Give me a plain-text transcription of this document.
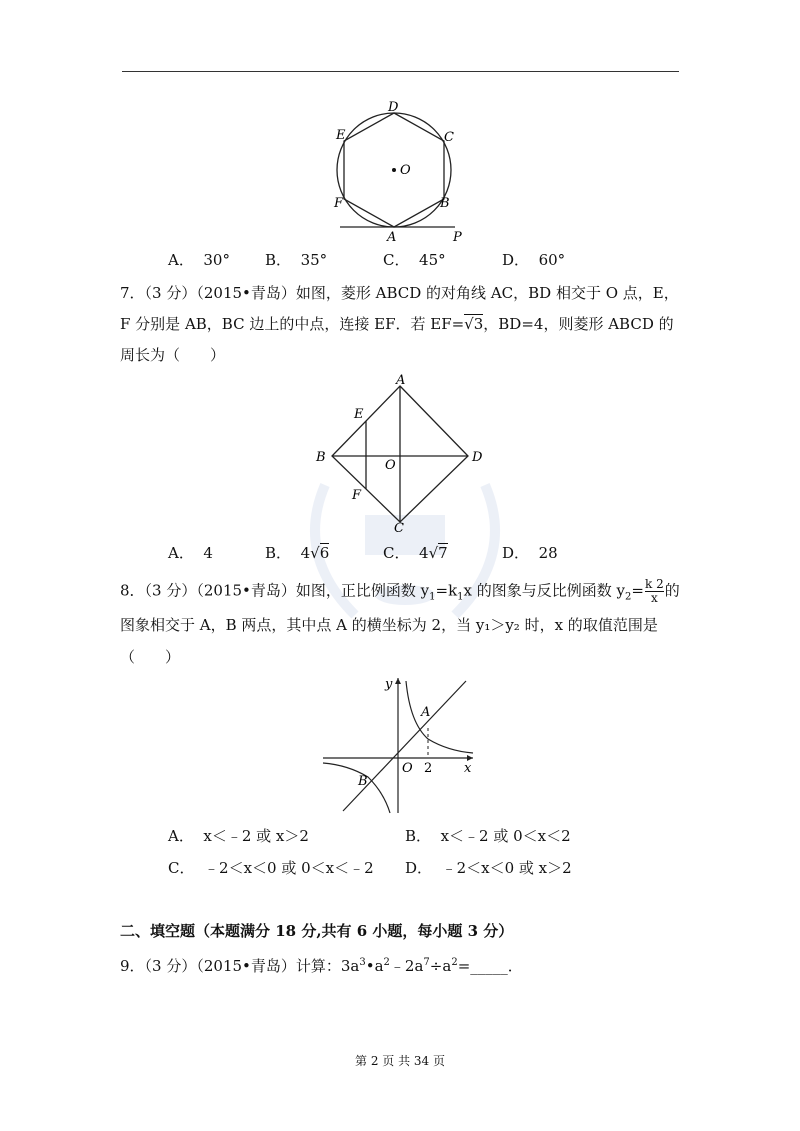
D
C
E
F	B
A	P
O
A． 30° B． 35°	C． 45°	D． 60°
7．（3 分）（2015•青岛）如图，菱形 ABCD 的对角线 AC，BD 相交于 O 点，E，
F 分别是 AB，BC 边上的中点，连接 EF．若 EF=√3，BD=4，则菱形 ABCD 的
周长为（　　）
A
E
B
O
D
F
C
A． 4	B． 4√6	C． 4√7	D． 28
8．（3 分）（2015•青岛）如图，正比例函数 $y_1=k_1x$ 的图象与反比例函数 $y_2= \frac{k 2}{x}$ 的
图象相交于 A，B 两点，其中点 A 的横坐标为 2，当 y₁＞y₂ 时，x 的取值范围是
（　　）
y
A
O 2 x
B
A． x＜﹣2 或 x＞2	B． x＜﹣2 或 0＜x＜2
C． ﹣2＜x＜0 或 0＜x＜﹣2 D． ﹣2＜x＜0 或 x＞2
二、填空题（本题满分 18 分,共有 6 小题，每小题 3 分）
9．（3 分）（2015•青岛）计算：$3a^3•a^2﹣2a^7\div a^2=\_\_\_\_\_$．
第 2 页 共 34 页
